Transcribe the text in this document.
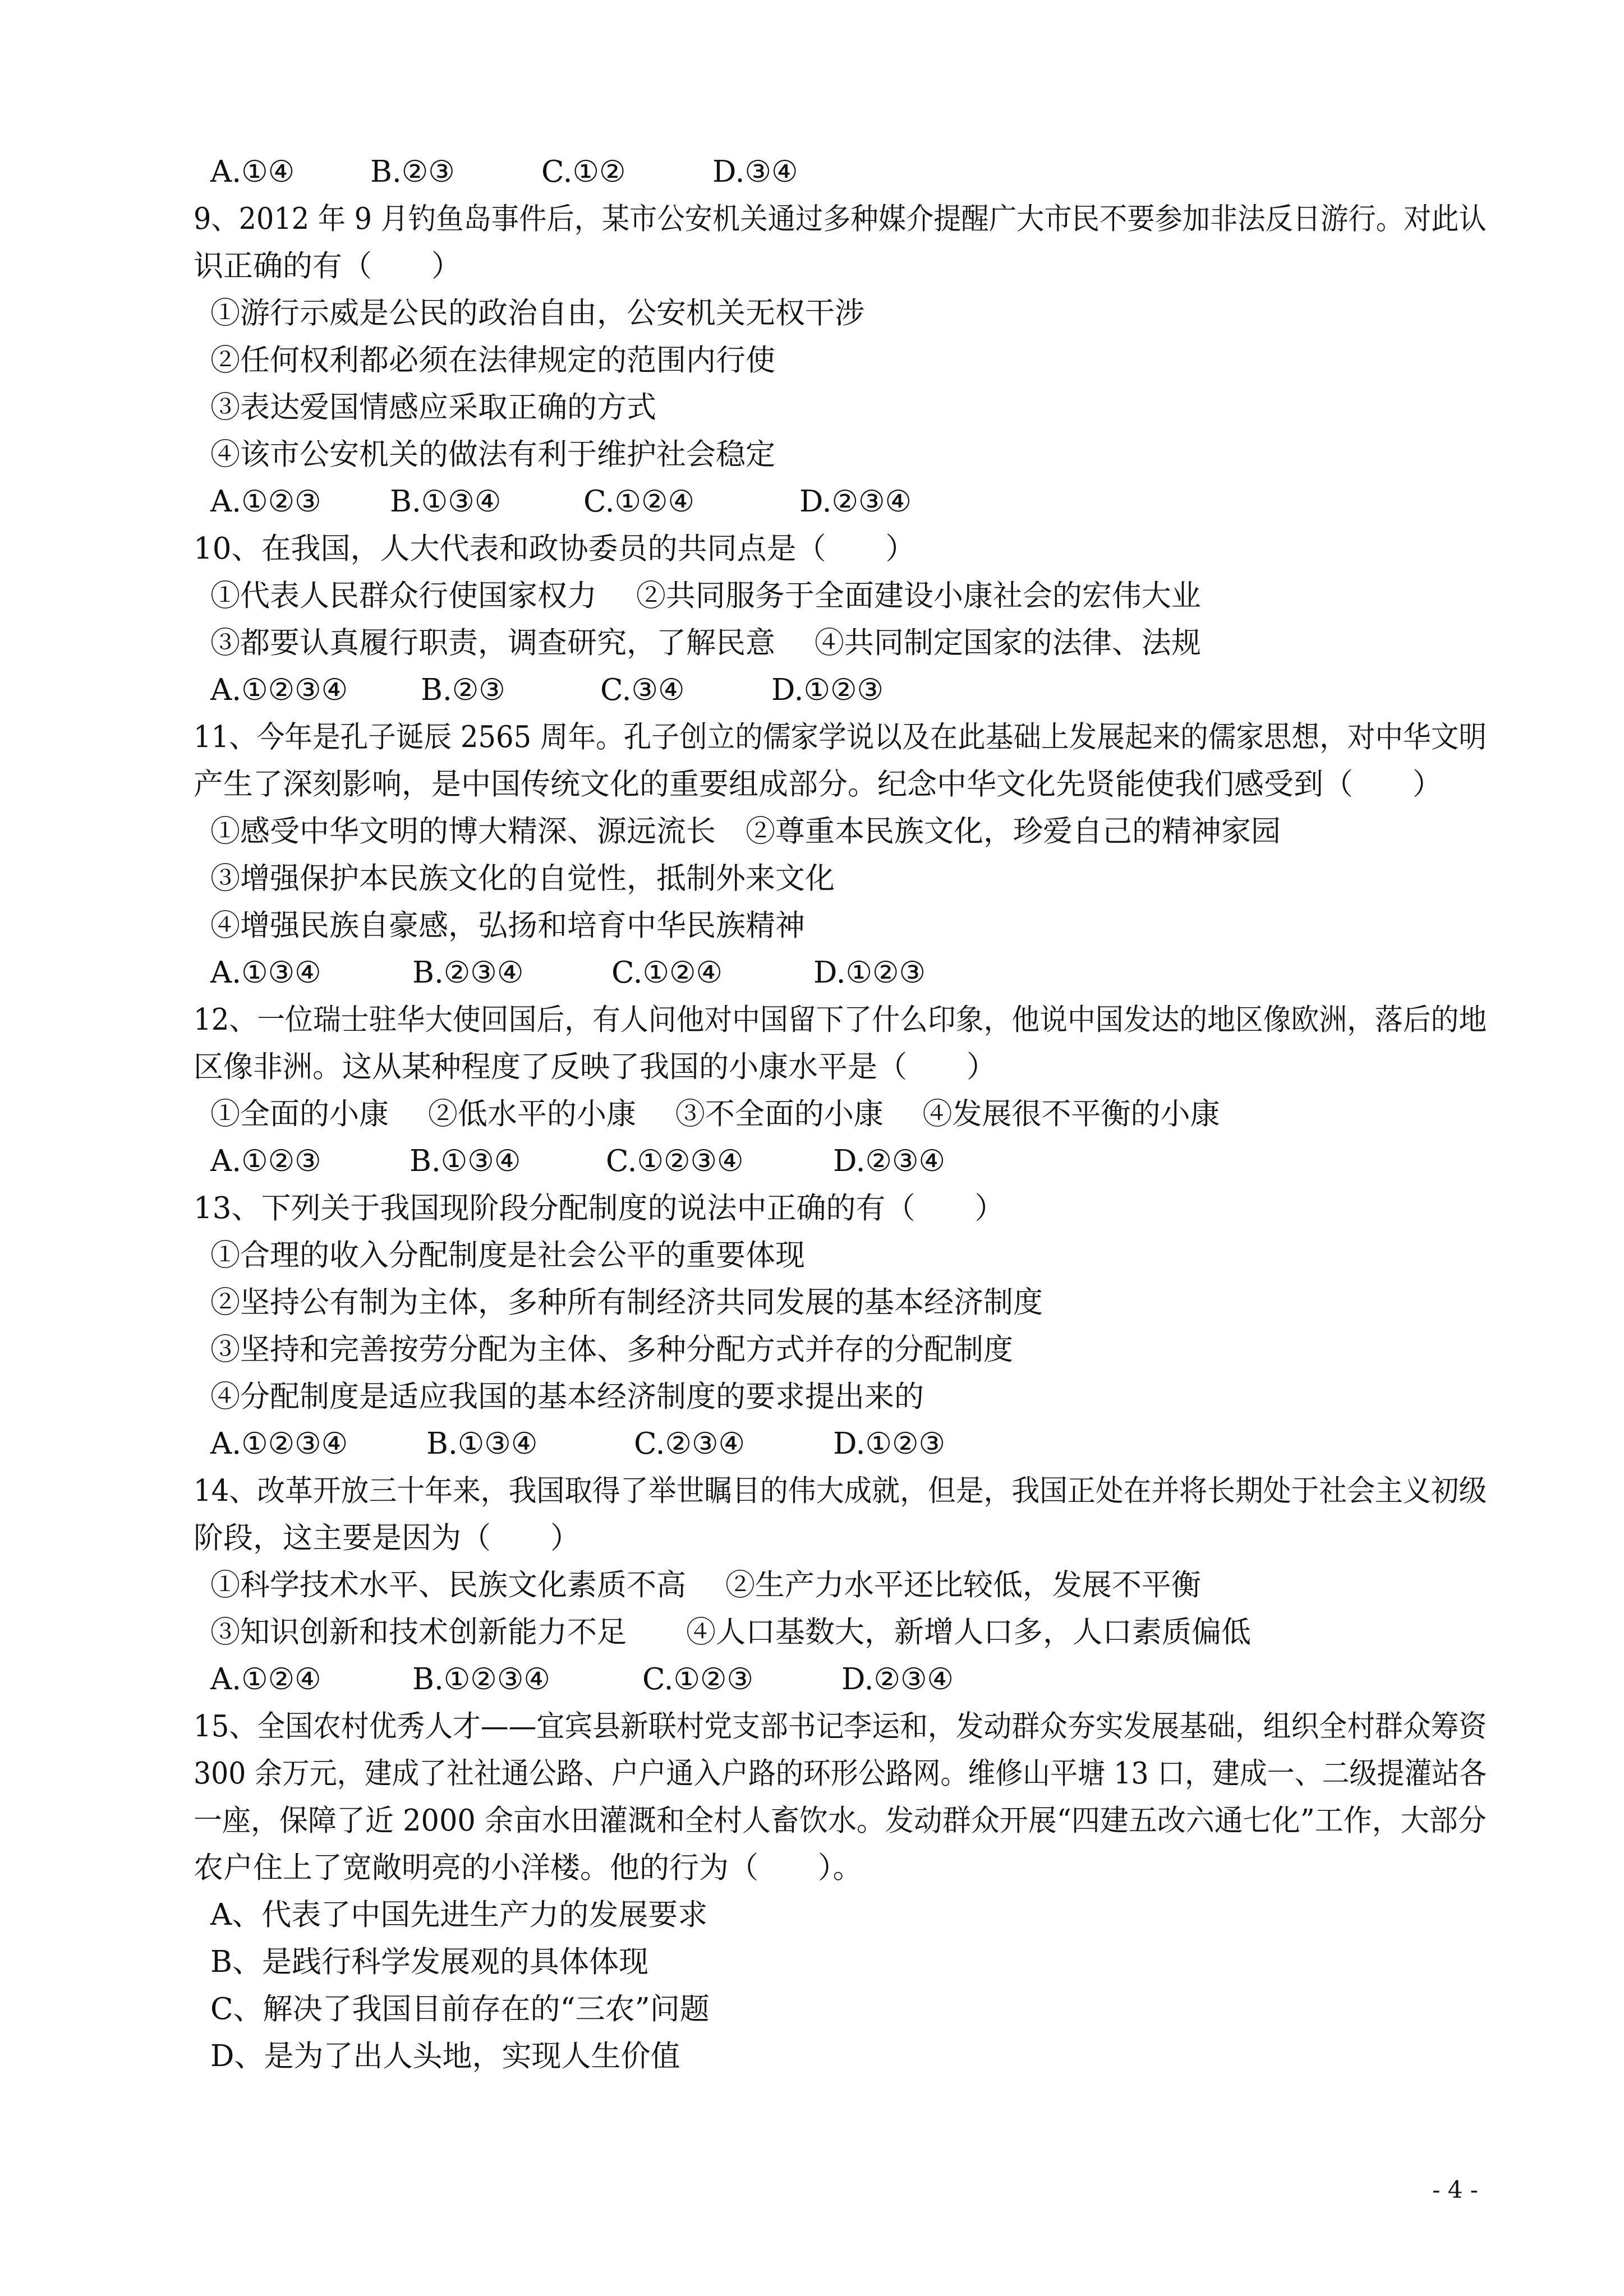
A.①④	B.②③	C.①②	D.③④
9、2012 年 9 月钓鱼岛事件后，某市公安机关通过多种媒介提醒广大市民不要参加非法反日游行。对此认
识正确的有（　　）
①游行示威是公民的政治自由，公安机关无权干涉
②任何权利都必须在法律规定的范围内行使
③表达爱国情感应采取正确的方式
④该市公安机关的做法有利于维护社会稳定
A.①②③ B.①③④	C.①②④	D.②③④
10、在我国，人大代表和政协委员的共同点是（　　）
①代表人民群众行使国家权力　 ②共同服务于全面建设小康社会的宏伟大业
③都要认真履行职责，调查研究，了解民意　 ④共同制定国家的法律、法规
A.①②③④ B.②③	C.③④	D.①②③
11、今年是孔子诞辰 2565 周年。孔子创立的儒家学说以及在此基础上发展起来的儒家思想，对中华文明
产生了深刻影响，是中国传统文化的重要组成部分。纪念中华文化先贤能使我们感受到（　　）
①感受中华文明的博大精深、源远流长　②尊重本民族文化，珍爱自己的精神家园
③增强保护本民族文化的自觉性，抵制外来文化
④增强民族自豪感，弘扬和培育中华民族精神
A.①③④	B.②③④	C.①②④	D.①②③
12、一位瑞士驻华大使回国后，有人问他对中国留下了什么印象，他说中国发达的地区像欧洲，落后的地
区像非洲。这从某种程度了反映了我国的小康水平是（　　）
①全面的小康　 ②低水平的小康　 ③不全面的小康　 ④发展很不平衡的小康
A.①②③	B.①③④	C.①②③④	D.②③④
13、下列关于我国现阶段分配制度的说法中正确的有（　　）
①合理的收入分配制度是社会公平的重要体现
②坚持公有制为主体，多种所有制经济共同发展的基本经济制度
③坚持和完善按劳分配为主体、多种分配方式并存的分配制度
④分配制度是适应我国的基本经济制度的要求提出来的
A.①②③④	B.①③④	C.②③④	D.①②③
14、改革开放三十年来，我国取得了举世瞩目的伟大成就，但是，我国正处在并将长期处于社会主义初级
阶段，这主要是因为（　　）
①科学技术水平、民族文化素质不高　 ②生产力水平还比较低，发展不平衡
③知识创新和技术创新能力不足　　④人口基数大，新增人口多，人口素质偏低
A.①②④	B.①②③④	C.①②③	D.②③④
15、全国农村优秀人才——宜宾县新联村党支部书记李运和，发动群众夯实发展基础，组织全村群众筹资
300 余万元，建成了社社通公路、户户通入户路的环形公路网。维修山平塘 13 口，建成一、二级提灌站各
一座，保障了近 2000 余亩水田灌溉和全村人畜饮水。发动群众开展“四建五改六通七化”工作，大部分
农户住上了宽敞明亮的小洋楼。他的行为（　　）。
A、代表了中国先进生产力的发展要求
B、是践行科学发展观的具体体现
C、解决了我国目前存在的“三农”问题
D、是为了出人头地，实现人生价值
- 4 -
